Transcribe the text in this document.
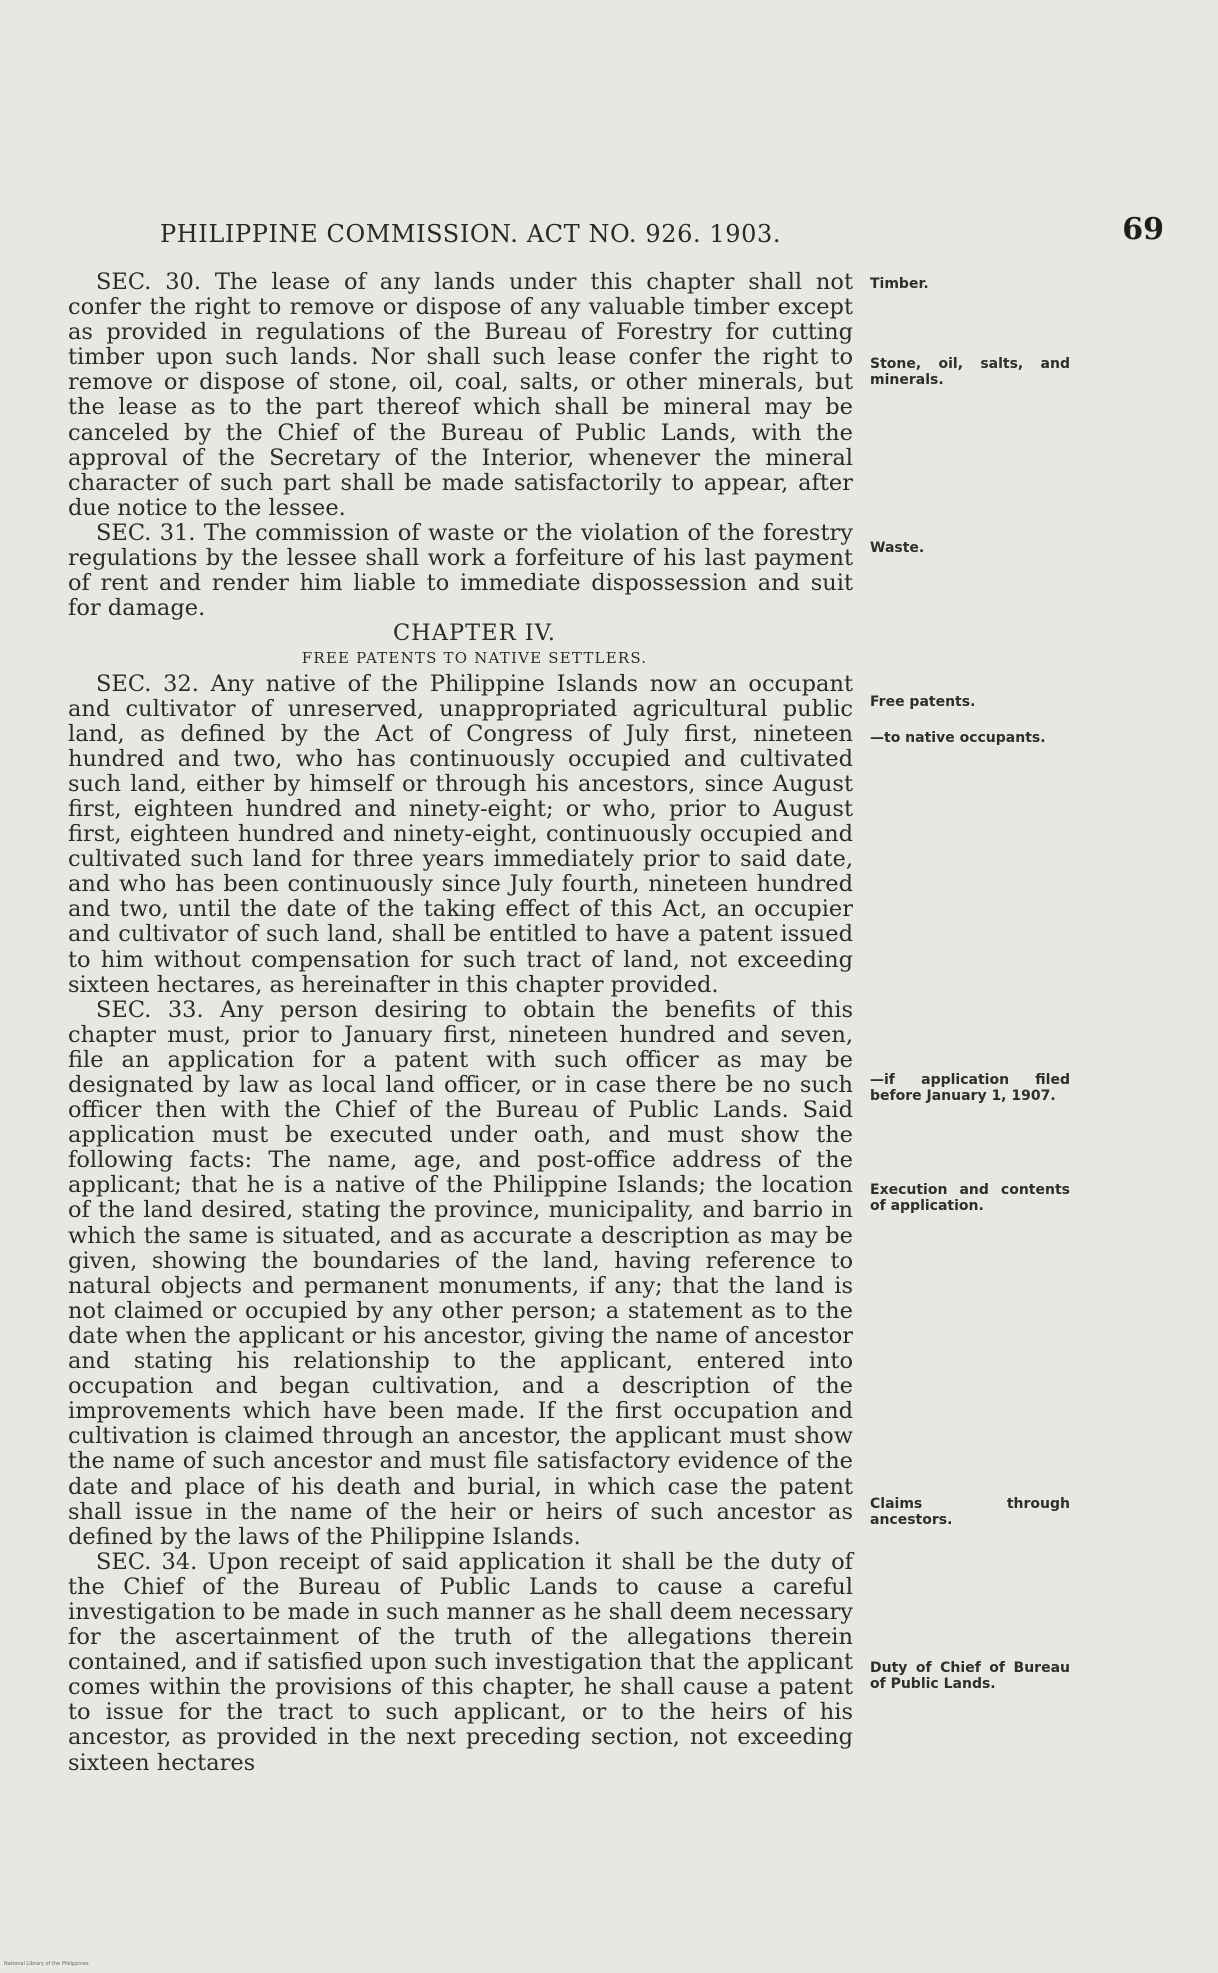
PHILIPPINE COMMISSION. ACT NO. 926. 1903.	69

SEC. 30. The lease of any lands under this chapter shall not confer the right to remove or dispose of any valuable timber except as provided in regulations of the Bureau of Forestry for cutting timber upon such lands. Nor shall such lease confer the right to remove or dispose of stone, oil, coal, salts, or other minerals, but the lease as to the part thereof which shall be mineral may be canceled by the Chief of the Bureau of Public Lands, with the approval of the Secretary of the Interior, whenever the mineral character of such part shall be made satisfactorily to appear, after due notice to the lessee.

SEC. 31. The commission of waste or the violation of the forestry regulations by the lessee shall work a forfeiture of his last payment of rent and render him liable to immediate dispossession and suit for damage.

CHAPTER IV.

FREE PATENTS TO NATIVE SETTLERS.

SEC. 32. Any native of the Philippine Islands now an occupant and cultivator of unreserved, unappropriated agricultural public land, as defined by the Act of Congress of July first, nineteen hundred and two, who has continuously occupied and cultivated such land, either by himself or through his ancestors, since August first, eighteen hundred and ninety-eight; or who, prior to August first, eighteen hundred and ninety-eight, continuously occupied and cultivated such land for three years immediately prior to said date, and who has been continuously since July fourth, nineteen hundred and two, until the date of the taking effect of this Act, an occupier and cultivator of such land, shall be entitled to have a patent issued to him without compensation for such tract of land, not exceeding sixteen hectares, as hereinafter in this chapter provided.

SEC. 33. Any person desiring to obtain the benefits of this chapter must, prior to January first, nineteen hundred and seven, file an application for a patent with such officer as may be designated by law as local land officer, or in case there be no such officer then with the Chief of the Bureau of Public Lands. Said application must be executed under oath, and must show the following facts: The name, age, and post-office address of the applicant; that he is a native of the Philippine Islands; the location of the land desired, stating the province, municipality, and barrio in which the same is situated, and as accurate a description as may be given, showing the boundaries of the land, having reference to natural objects and permanent monuments, if any; that the land is not claimed or occupied by any other person; a statement as to the date when the applicant or his ancestor, giving the name of ancestor and stating his relationship to the applicant, entered into occupation and began cultivation, and a description of the improvements which have been made. If the first occupation and cultivation is claimed through an ancestor, the applicant must show the name of such ancestor and must file satisfactory evidence of the date and place of his death and burial, in which case the patent shall issue in the name of the heir or heirs of such ancestor as defined by the laws of the Philippine Islands.

SEC. 34. Upon receipt of said application it shall be the duty of the Chief of the Bureau of Public Lands to cause a careful investigation to be made in such manner as he shall deem necessary for the ascertainment of the truth of the allegations therein contained, and if satisfied upon such investigation that the applicant comes within the provisions of this chapter, he shall cause a patent to issue for the tract to such applicant, or to the heirs of his ancestor, as provided in the next preceding section, not exceeding sixteen hectares

Timber.
Stone, oil, salts, and minerals.
Waste.
Free patents.
—to native occupants.
—if application filed before January 1, 1907.
Execution and contents of application.
Claims through ancestors.
Duty of Chief of Bureau of Public Lands.
National Library of the Philippines
